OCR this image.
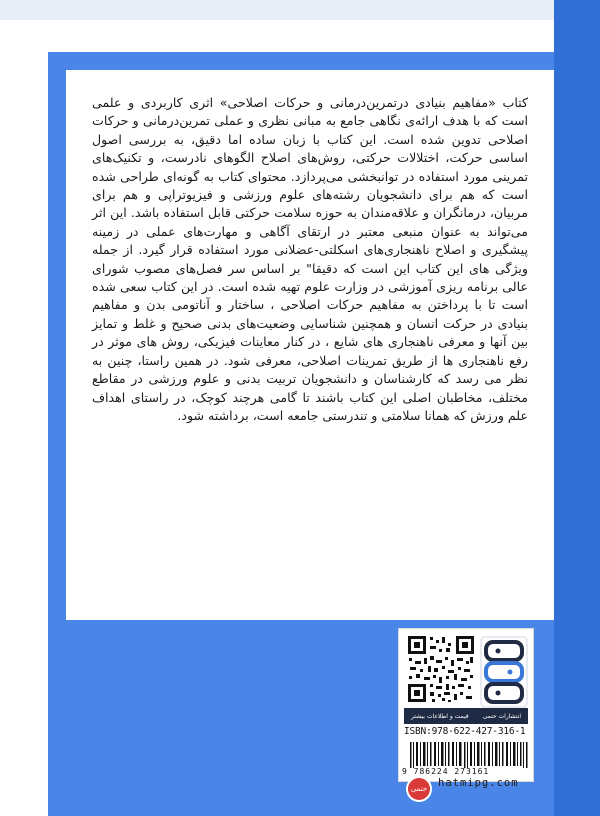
کتاب «مفاهیم بنیادی درتمرین‌درمانی و حرکات اصلاحی» اثری کاربردی و علمی است که با هدف ارائه‌ی نگاهی جامع به مبانی نظری و عملی تمرین‌درمانی و حرکات اصلاحی تدوین شده است. این کتاب با زبان ساده اما دقیق، به بررسی اصول اساسی حرکت، اختلالات حرکتی، روش‌های اصلاح الگوهای نادرست، و تکنیک‌های تمرینی مورد استفاده در توانبخشی می‌پردازد. محتوای کتاب به گونه‌ای طراحی شده است که هم برای دانشجویان رشته‌های علوم ورزشی و فیزیوتراپی و هم برای مربیان، درمانگران و علاقه‌مندان به حوزه سلامت حرکتی قابل استفاده باشد. این اثر می‌تواند به عنوان منبعی معتبر در ارتقای آگاهی و مهارت‌های عملی در زمینه پیشگیری و اصلاح ناهنجاری‌های اسکلتی-عضلانی مورد استفاده قرار گیرد. از جمله ویژگی های این کتاب این است که دقیقا" بر اساس سر فصل‌های مصوب شورای عالی برنامه ریزی آموزشی در وزارت علوم تهیه شده است. در این کتاب سعی شده است تا با پرداختن به مفاهیم حرکات اصلاحی ، ساختار و آناتومی بدن و مفاهیم بنیادی در حرکت انسان و همچنین شناسایی وضعیت‌های بدنی صحیح و غلط و تمایز بین آنها و معرفی ناهنجاری های شایع ، در کنار معاینات فیزیکی، روش های موثر در رفع ناهنجاری ها از طریق تمرینات اصلاحی، معرفی شود. در همین راستا، چنین به نظر می رسد که کارشناسان و دانشجویان تربیت بدنی و علوم ورزشی در مقاطع مختلف، مخاطبان اصلی این کتاب باشند تا گامی هرچند کوچک، در راستای اهداف علم ورزش که همانا سلامتی و تندرستی جامعه است، برداشته شود.

انتشارات حتمی
قیمت و اطلاعات بیشتر
ISBN:978-622-427-316-1
9 786224 273161
حتمی hatmipg.com
